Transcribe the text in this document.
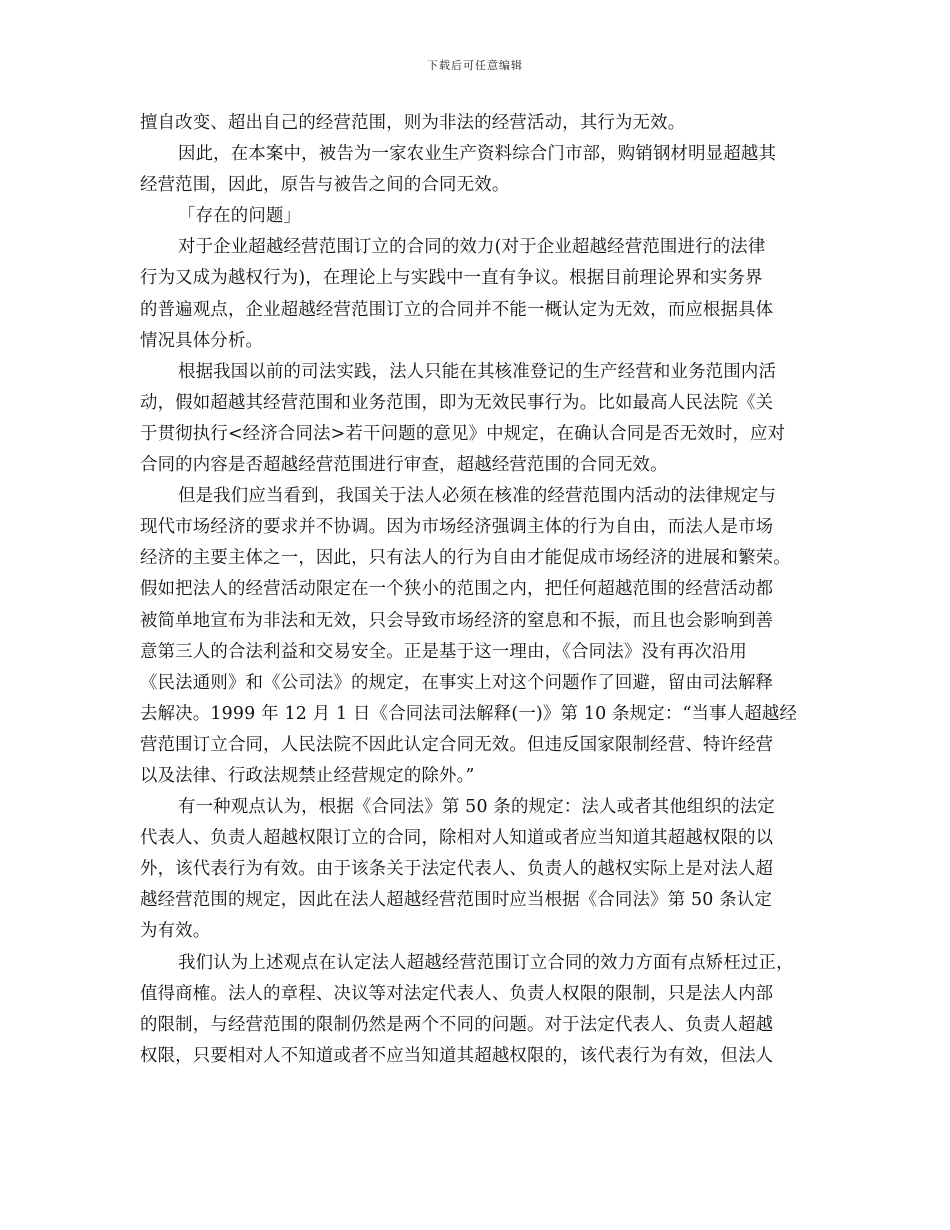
下载后可任意编辑
擅自改变、超出自己的经营范围，则为非法的经营活动，其行为无效。
因此，在本案中，被告为一家农业生产资料综合门市部，购销钢材明显超越其
经营范围，因此，原告与被告之间的合同无效。
「存在的问题」
对于企业超越经营范围订立的合同的效力(对于企业超越经营范围进行的法律
行为又成为越权行为)，在理论上与实践中一直有争议。根据目前理论界和实务界
的普遍观点，企业超越经营范围订立的合同并不能一概认定为无效，而应根据具体
情况具体分析。
根据我国以前的司法实践，法人只能在其核准登记的生产经营和业务范围内活
动，假如超越其经营范围和业务范围，即为无效民事行为。比如最高人民法院《关
于贯彻执行<经济合同法>若干问题的意见》中规定，在确认合同是否无效时，应对
合同的内容是否超越经营范围进行审查，超越经营范围的合同无效。
但是我们应当看到，我国关于法人必须在核准的经营范围内活动的法律规定与
现代市场经济的要求并不协调。因为市场经济强调主体的行为自由，而法人是市场
经济的主要主体之一，因此，只有法人的行为自由才能促成市场经济的进展和繁荣。
假如把法人的经营活动限定在一个狭小的范围之内，把任何超越范围的经营活动都
被简单地宣布为非法和无效，只会导致市场经济的窒息和不振，而且也会影响到善
意第三人的合法利益和交易安全。正是基于这一理由，《合同法》没有再次沿用
《民法通则》和《公司法》的规定，在事实上对这个问题作了回避，留由司法解释
去解决。1999 年 12 月 1 日《合同法司法解释(一)》第 10 条规定：“当事人超越经
营范围订立合同，人民法院不因此认定合同无效。但违反国家限制经营、特许经营
以及法律、行政法规禁止经营规定的除外。”
有一种观点认为，根据《合同法》第 50 条的规定：法人或者其他组织的法定
代表人、负责人超越权限订立的合同，除相对人知道或者应当知道其超越权限的以
外，该代表行为有效。由于该条关于法定代表人、负责人的越权实际上是对法人超
越经营范围的规定，因此在法人超越经营范围时应当根据《合同法》第 50 条认定
为有效。
我们认为上述观点在认定法人超越经营范围订立合同的效力方面有点矫枉过正，
值得商榷。法人的章程、决议等对法定代表人、负责人权限的限制，只是法人内部
的限制，与经营范围的限制仍然是两个不同的问题。对于法定代表人、负责人超越
权限，只要相对人不知道或者不应当知道其超越权限的，该代表行为有效，但法人
